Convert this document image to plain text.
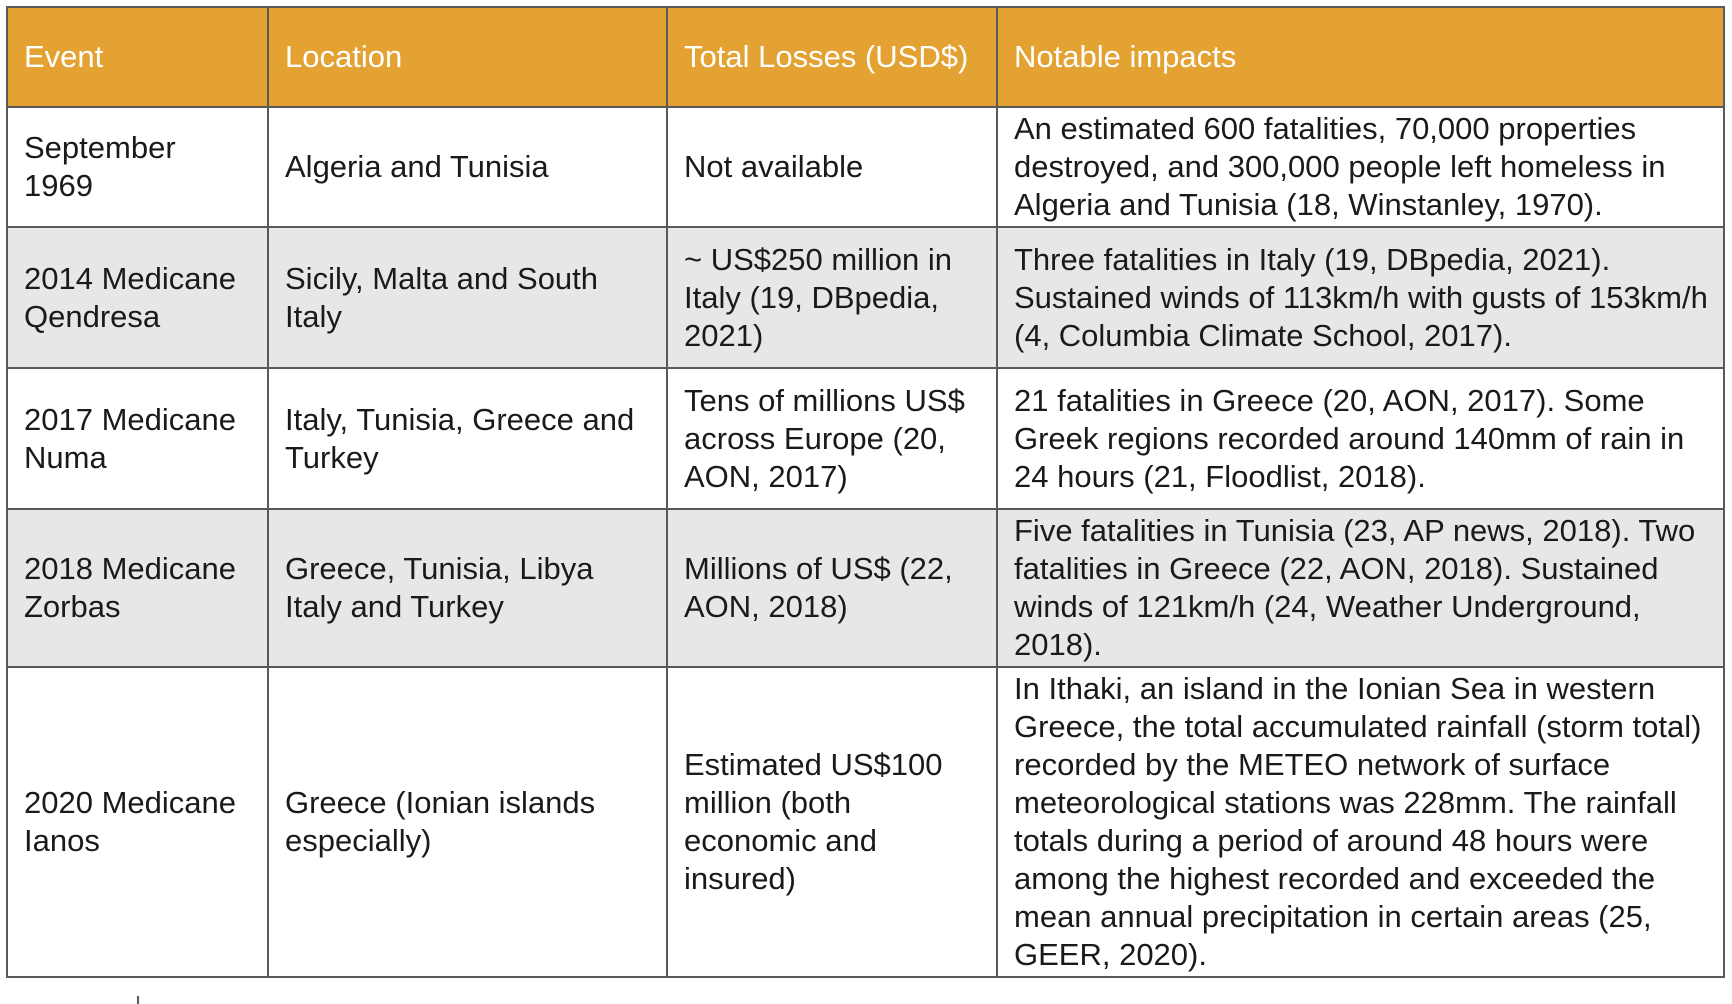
Event	Location	Total Losses (USD$)	Notable impacts
September 1969	Algeria and Tunisia	Not available	An estimated 600 fatalities, 70,000 properties destroyed, and 300,000 people left homeless in Algeria and Tunisia (18, Winstanley, 1970).
2014 Medicane Qendresa	Sicily, Malta and South Italy	~ US$250 million in Italy (19, DBpedia, 2021)	Three fatalities in Italy (19, DBpedia, 2021). Sustained winds of 113km/h with gusts of 153km/h (4, Columbia Climate School, 2017).
2017 Medicane Numa	Italy, Tunisia, Greece and Turkey	Tens of millions US$ across Europe (20, AON, 2017)	21 fatalities in Greece (20, AON, 2017). Some Greek regions recorded around 140mm of rain in 24 hours (21, Floodlist, 2018).
2018 Medicane Zorbas	Greece, Tunisia, Libya Italy and Turkey	Millions of US$ (22, AON, 2018)	Five fatalities in Tunisia (23, AP news, 2018). Two fatalities in Greece (22, AON, 2018). Sustained winds of 121km/h (24, Weather Underground, 2018).
2020 Medicane Ianos	Greece (Ionian islands especially)	Estimated US$100 million (both economic and insured)	In Ithaki, an island in the Ionian Sea in western Greece, the total accumulated rainfall (storm total) recorded by the METEO network of surface meteorological stations was 228mm. The rainfall totals during a period of around 48 hours were among the highest recorded and exceeded the mean annual precipitation in certain areas (25, GEER, 2020).
